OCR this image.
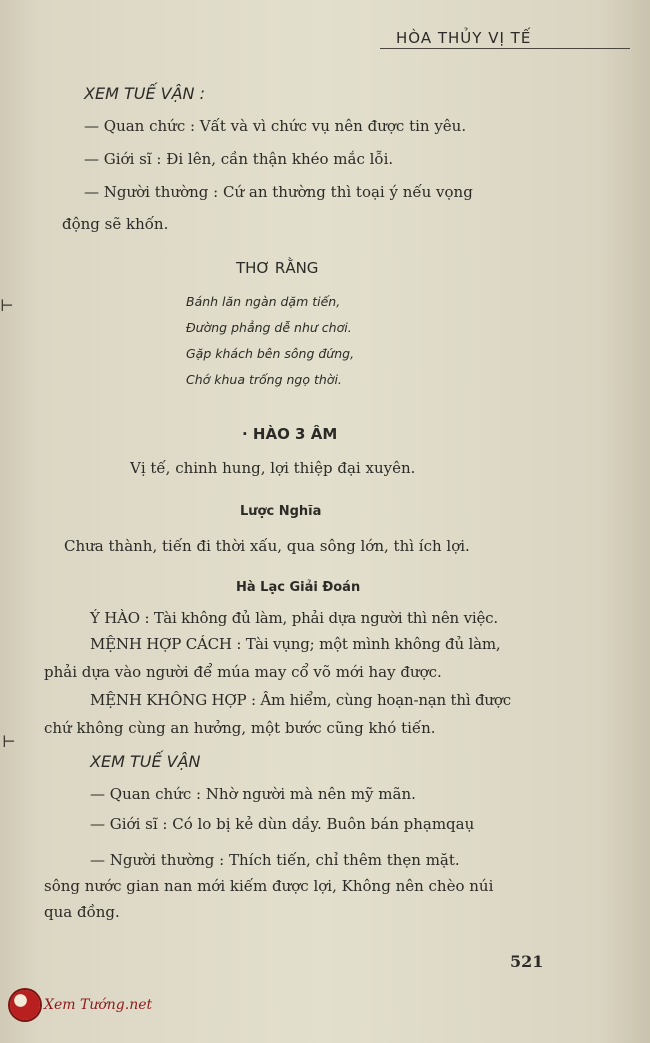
HÒA THỦY VỊ TẾ
⊢
⊢
XEM TUẾ VẬN :
— Quan chức : Vất và vì chức vụ nên được tin yêu.
— Giới sĩ : Đi lên, cần thận khéo mắc lỗi.
— Người thường : Cứ an thường thì toại ý nếu vọng
động sẽ khốn.
THƠ RẰNG
Bánh lăn ngàn dặm tiến,
Đường phẳng dễ như chơi.
Gặp khách bên sông đứng,
Chớ khua trống ngọ thời.
· HÀO 3 ÂM
Vị tế, chinh hung, lợi thiệp đại xuyên.
Lược Nghĩa
Chưa thành, tiến đi thời xấu, qua sông lớn, thì ích lợi.
Hà Lạc Giải Đoán
Ý HÀO : Tài không đủ làm, phải dựa người thì nên việc.
MỆNH HỢP CÁCH : Tài vụng; một mình không đủ làm,
phải dựa vào người để múa may cổ võ mới hay được.
MỆNH KHÔNG HỢP : Âm hiểm, cùng hoạn-nạn thì được
chứ không cùng an hưởng, một bước cũng khó tiến.
XEM TUẾ VẬN
— Quan chức : Nhờ người mà nên mỹ mãn.
— Giới sĩ : Có lo bị kẻ dùn dầy. Buôn bán phạmqaụ
— Người thường : Thích tiến, chỉ thêm thẹn mặt.
sông nước gian nan mới kiếm được lợi, Không nên chèo núi
qua đồng.
521
Xem Tướng.net
